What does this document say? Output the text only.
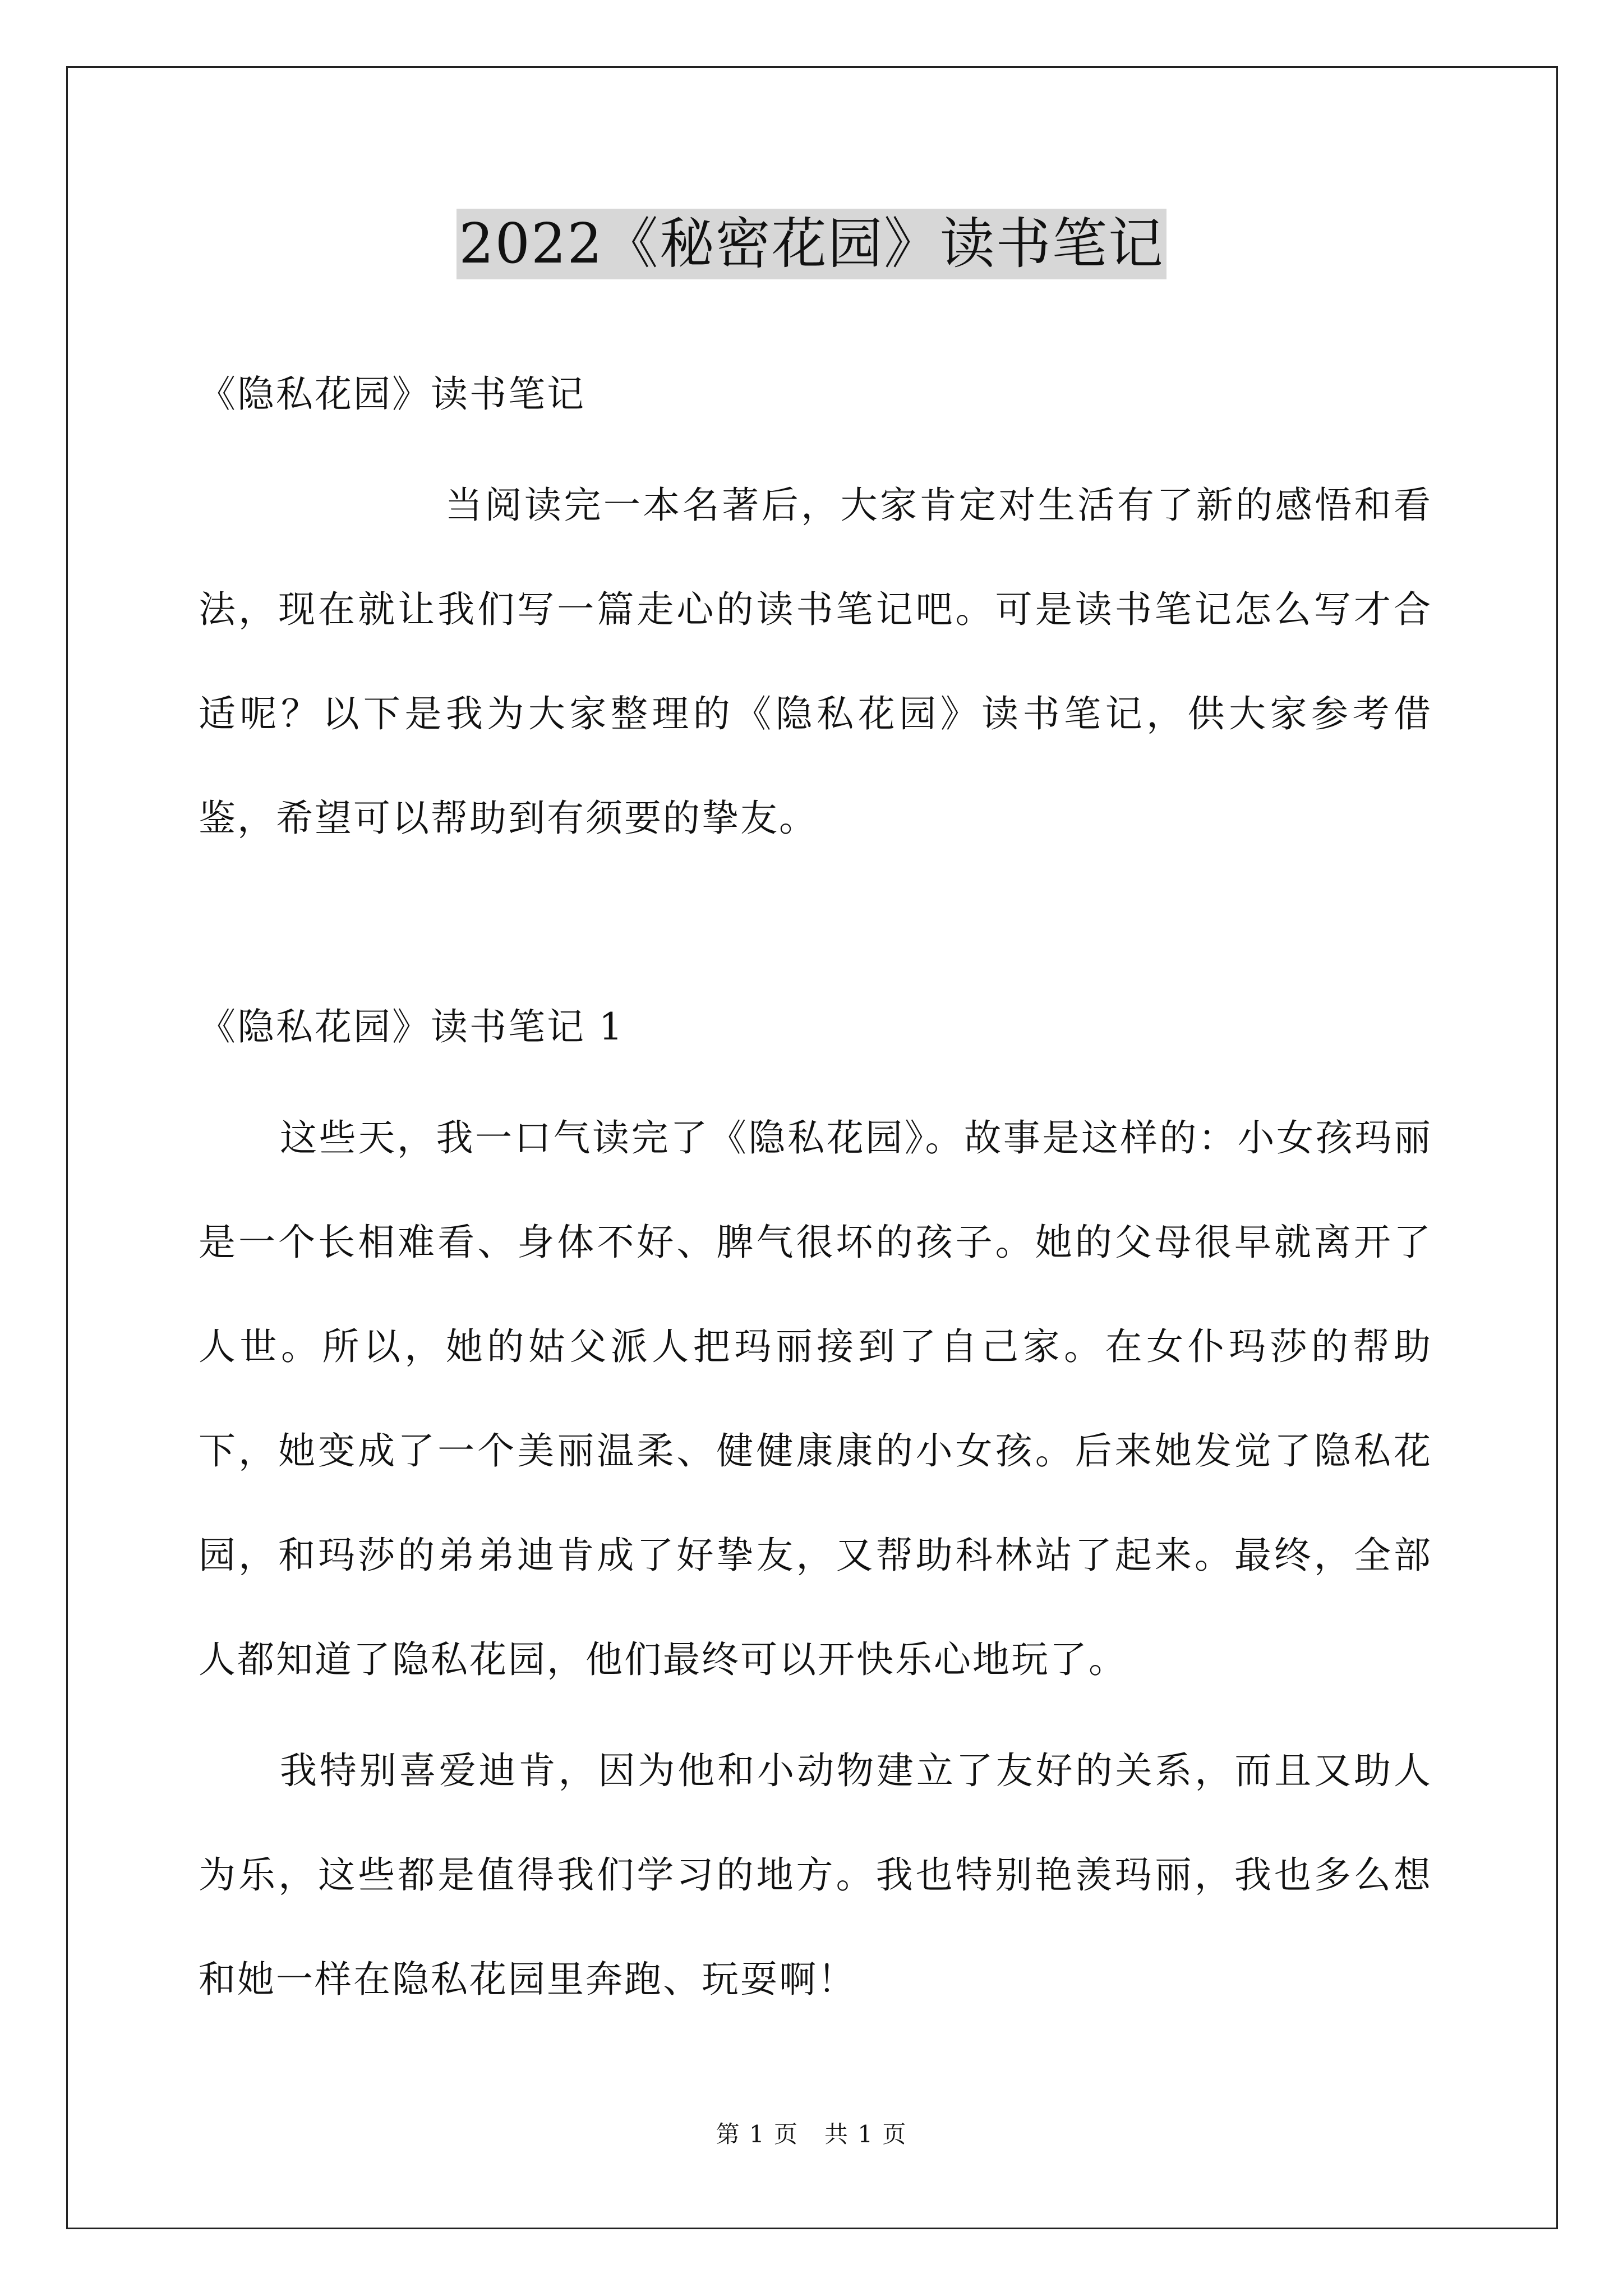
2022《秘密花园》读书笔记
《隐私花园》读书笔记

当阅读完一本名著后，大家肯定对生活有了新的感悟和看法，现在就让我们写一篇走心的读书笔记吧。可是读书笔记怎么写才合适呢？以下是我为大家整理的《隐私花园》读书笔记，供大家参考借鉴，希望可以帮助到有须要的挚友。

《隐私花园》读书笔记 1

这些天，我一口气读完了《隐私花园》。故事是这样的：小女孩玛丽是一个长相难看、身体不好、脾气很坏的孩子。她的父母很早就离开了人世。所以，她的姑父派人把玛丽接到了自己家。在女仆玛莎的帮助下，她变成了一个美丽温柔、健健康康的小女孩。后来她发觉了隐私花园，和玛莎的弟弟迪肯成了好挚友，又帮助科林站了起来。最终，全部人都知道了隐私花园，他们最终可以开快乐心地玩了。

我特别喜爱迪肯，因为他和小动物建立了友好的关系，而且又助人为乐，这些都是值得我们学习的地方。我也特别艳羡玛丽，我也多么想和她一样在隐私花园里奔跑、玩耍啊！

第 1 页 共 1 页
